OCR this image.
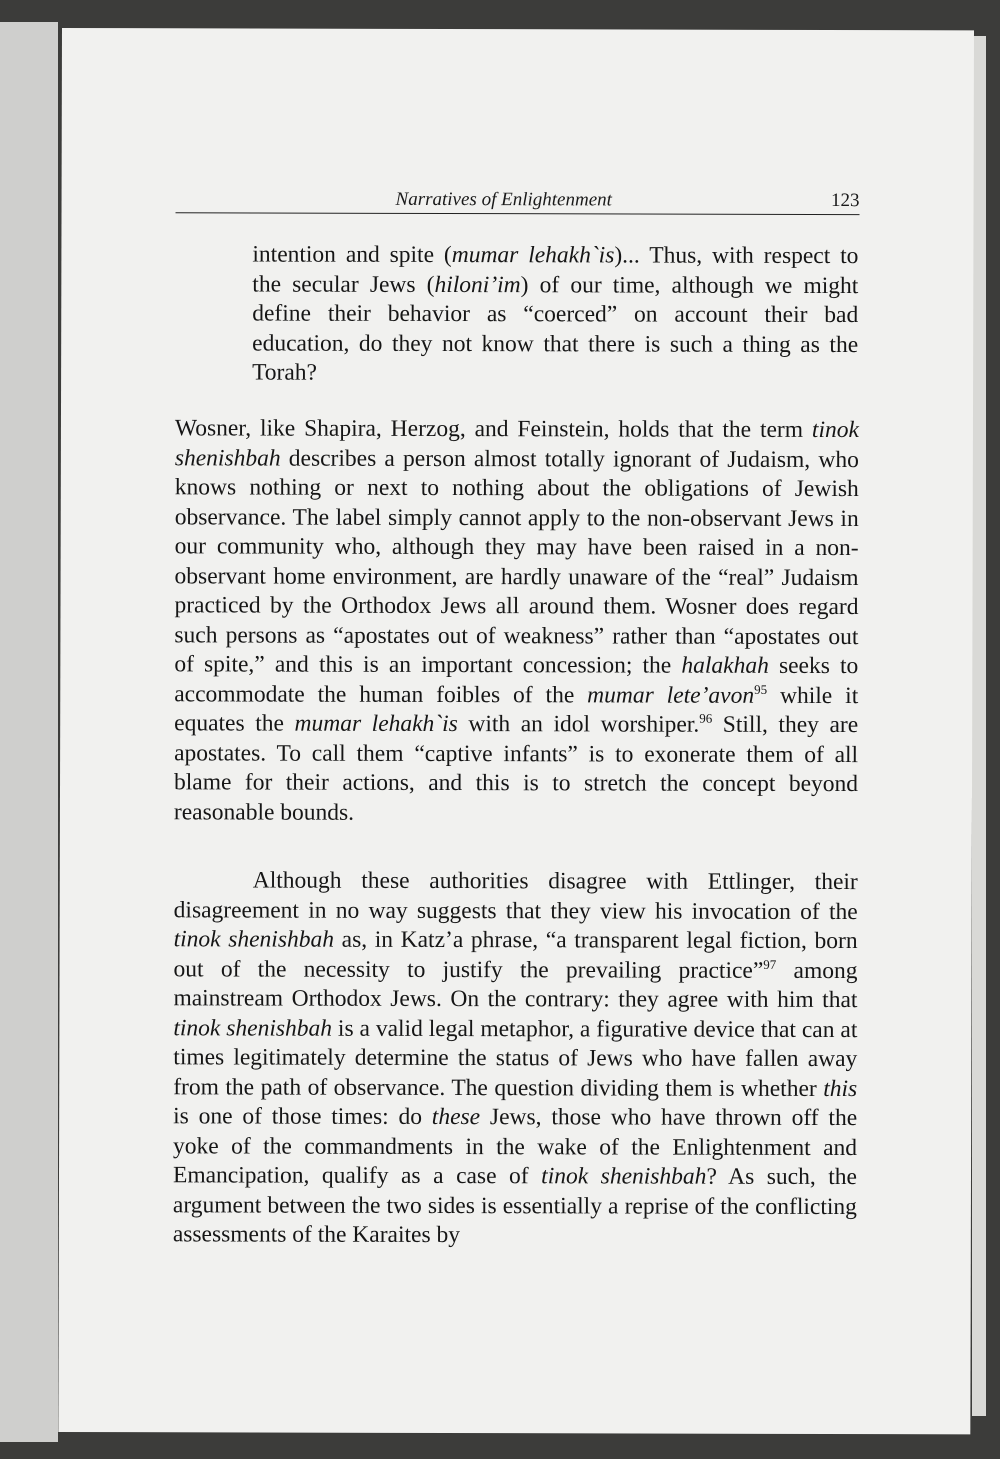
Narratives of Enlightenment	123

intention and spite (mumar lehakh`is)... Thus, with respect to the secular Jews (hiloni’im) of our time, although we might define their behavior as “coerced” on account their bad education, do they not know that there is such a thing as the Torah?

Wosner, like Shapira, Herzog, and Feinstein, holds that the term tinok shenishbah describes a person almost totally ignorant of Judaism, who knows nothing or next to nothing about the obligations of Jewish observance. The label simply cannot apply to the non-observant Jews in our community who, although they may have been raised in a non-observant home environment, are hardly unaware of the “real” Judaism practiced by the Orthodox Jews all around them. Wosner does regard such persons as “apostates out of weakness” rather than “apostates out of spite,” and this is an important concession; the halakhah seeks to accommodate the human foibles of the mumar lete’avon$^{95}$ while it equates the mumar lehakh`is with an idol worshiper.$^{96}$ Still, they are apostates. To call them “captive infants” is to exonerate them of all blame for their actions, and this is to stretch the concept beyond reasonable bounds.

Although these authorities disagree with Ettlinger, their disagreement in no way suggests that they view his invocation of the tinok shenishbah as, in Katz’a phrase, “a transparent legal fiction, born out of the necessity to justify the prevailing practice”$^{97}$ among mainstream Orthodox Jews. On the contrary: they agree with him that tinok shenishbah is a valid legal metaphor, a figurative device that can at times legitimately determine the status of Jews who have fallen away from the path of observance. The question dividing them is whether this is one of those times: do these Jews, those who have thrown off the yoke of the commandments in the wake of the Enlightenment and Emancipation, qualify as a case of tinok shenishbah? As such, the argument between the two sides is essentially a reprise of the conflicting assessments of the Karaites by
